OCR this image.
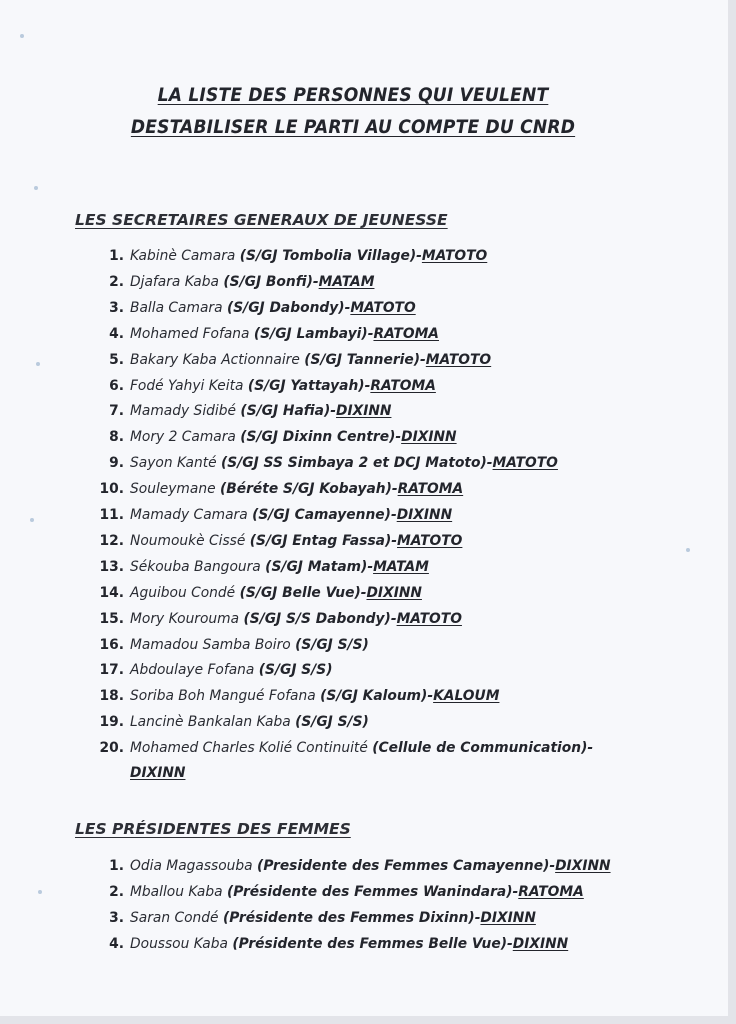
LA LISTE DES PERSONNES QUI VEULENT
DESTABILISER LE PARTI AU COMPTE DU CNRD
LES SECRETAIRES GENERAUX DE JEUNESSE
1. Kabinè Camara (S/GJ Tombolia Village)-MATOTO
2. Djafara Kaba (S/GJ Bonfi)-MATAM
3. Balla Camara (S/GJ Dabondy)-MATOTO
4. Mohamed Fofana (S/GJ Lambayi)-RATOMA
5. Bakary Kaba Actionnaire (S/GJ Tannerie)-MATOTO
6. Fodé Yahyi Keita (S/GJ Yattayah)-RATOMA
7. Mamady Sidibé (S/GJ Hafia)-DIXINN
8. Mory 2 Camara (S/GJ Dixinn Centre)-DIXINN
9. Sayon Kanté (S/GJ SS Simbaya 2 et DCJ Matoto)-MATOTO
10. Souleymane (Béréte S/GJ Kobayah)-RATOMA
11. Mamady Camara (S/GJ Camayenne)-DIXINN
12. Noumoukè Cissé (S/GJ Entag Fassa)-MATOTO
13. Sékouba Bangoura (S/GJ Matam)-MATAM
14. Aguibou Condé (S/GJ Belle Vue)-DIXINN
15. Mory Kourouma (S/GJ S/S Dabondy)-MATOTO
16. Mamadou Samba Boiro (S/GJ S/S)
17. Abdoulaye Fofana (S/GJ S/S)
18. Soriba Boh Mangué Fofana (S/GJ Kaloum)-KALOUM
19. Lancinè Bankalan Kaba (S/GJ S/S)
20. Mohamed Charles Kolié Continuité (Cellule de Communication)-
DIXINN
LES PRÉSIDENTES DES FEMMES
1. Odia Magassouba (Presidente des Femmes Camayenne)-DIXINN
2. Mballou Kaba (Présidente des Femmes Wanindara)-RATOMA
3. Saran Condé (Présidente des Femmes Dixinn)-DIXINN
4. Doussou Kaba (Présidente des Femmes Belle Vue)-DIXINN
